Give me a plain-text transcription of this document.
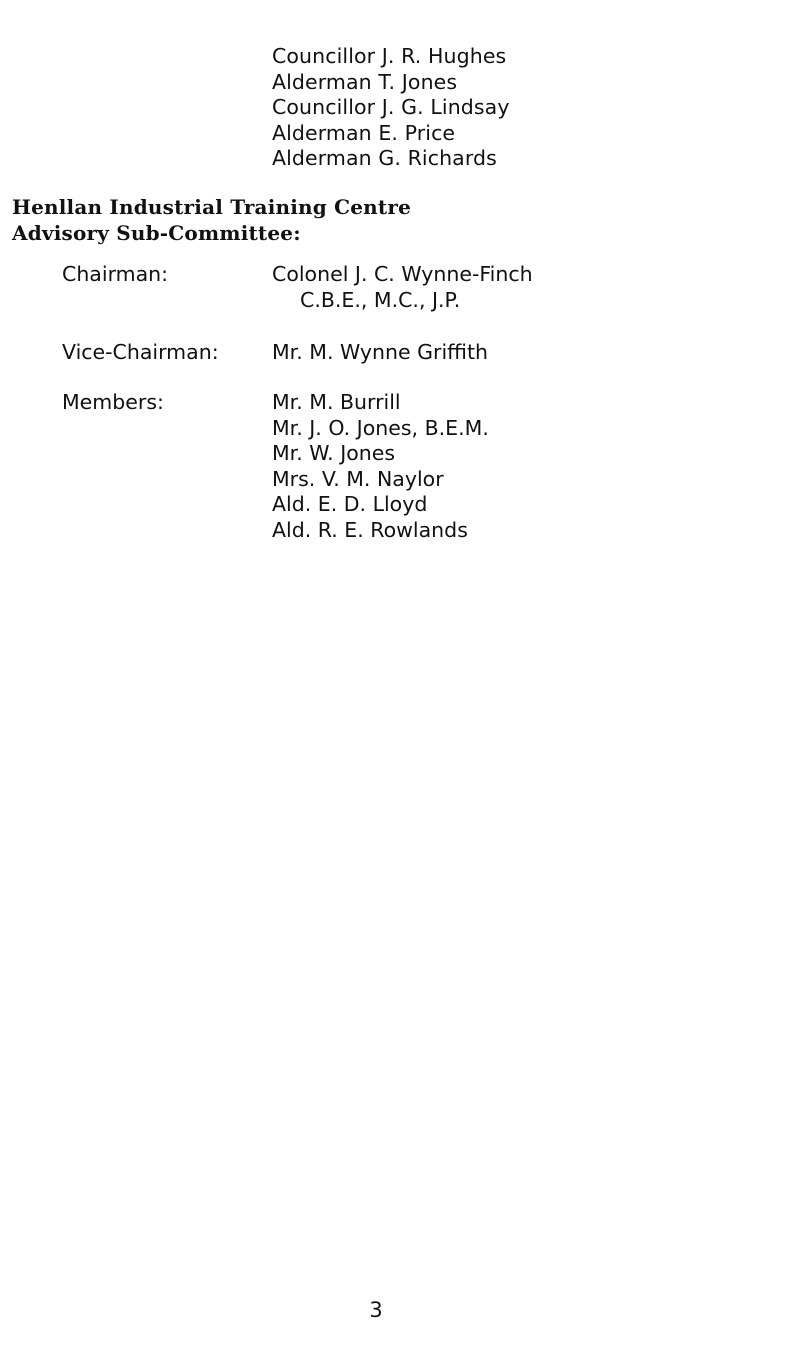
Councillor J. R. Hughes
Alderman T. Jones
Councillor J. G. Lindsay
Alderman E. Price
Alderman G. Richards
Henllan Industrial Training Centre
Advisory Sub-Committee:
Chairman:	Colonel J. C. Wynne-Finch
C.B.E., M.C., J.P.
Vice-Chairman:	Mr. M. Wynne Griffith
Members:	Mr. M. Burrill
Mr. J. O. Jones, B.E.M.
Mr. W. Jones
Mrs. V. M. Naylor
Ald. E. D. Lloyd
Ald. R. E. Rowlands
3
